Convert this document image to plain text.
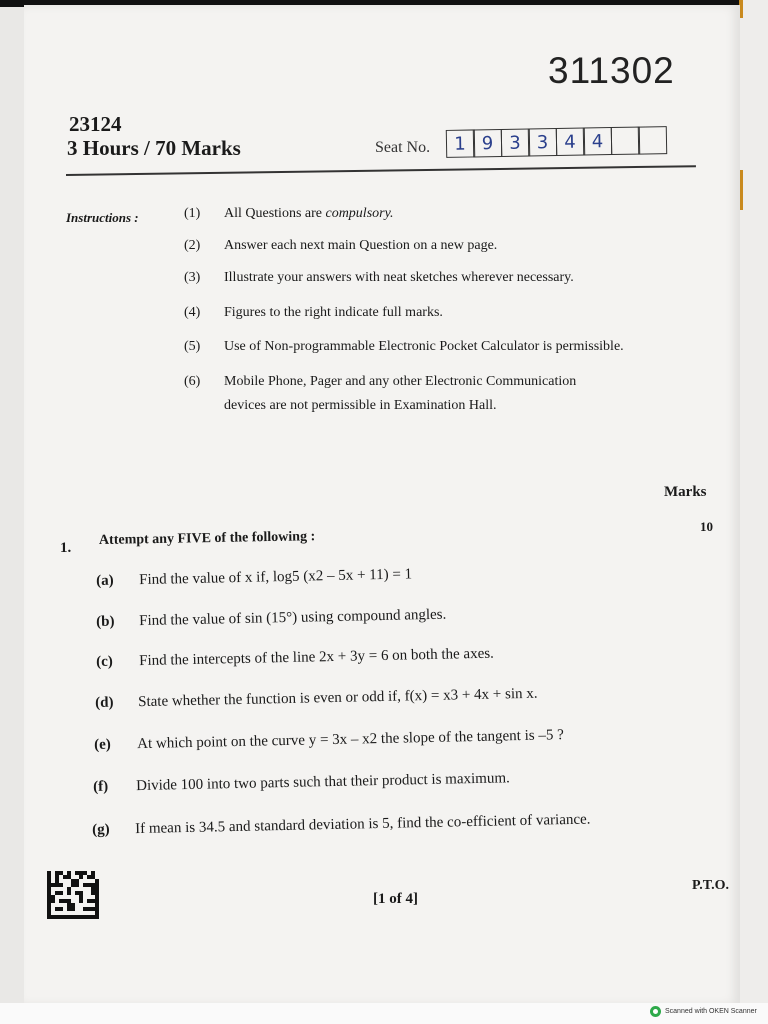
311302
23124
3 Hours / 70 Marks	Seat No.	1 9 3 3 4 4
Instructions :	(1)	All Questions are compulsory.
(2)	Answer each next main Question on a new page.
(3)	Illustrate your answers with neat sketches wherever necessary.
(4)	Figures to the right indicate full marks.
(5)	Use of Non-programmable Electronic Pocket Calculator is permissible.
(6)	Mobile Phone, Pager and any other Electronic Communication
devices are not permissible in Examination Hall.
Marks
10
1.
Attempt any FIVE of the following :
(a) Find the value of x if, log5 (x2 – 5x + 11) = 1
(b) Find the value of sin (15°) using compound angles.
(c) Find the intercepts of the line 2x + 3y = 6 on both the axes.
(d) State whether the function is even or odd if, f(x) = x3 + 4x + sin x.
(e) At which point on the curve y = 3x – x2 the slope of the tangent is –5 ?
(f) Divide 100 into two parts such that their product is maximum.
(g) If mean is 34.5 and standard deviation is 5, find the co-efficient of variance.
[1 of 4]
P.T.O.
Scanned with OKEN Scanner
